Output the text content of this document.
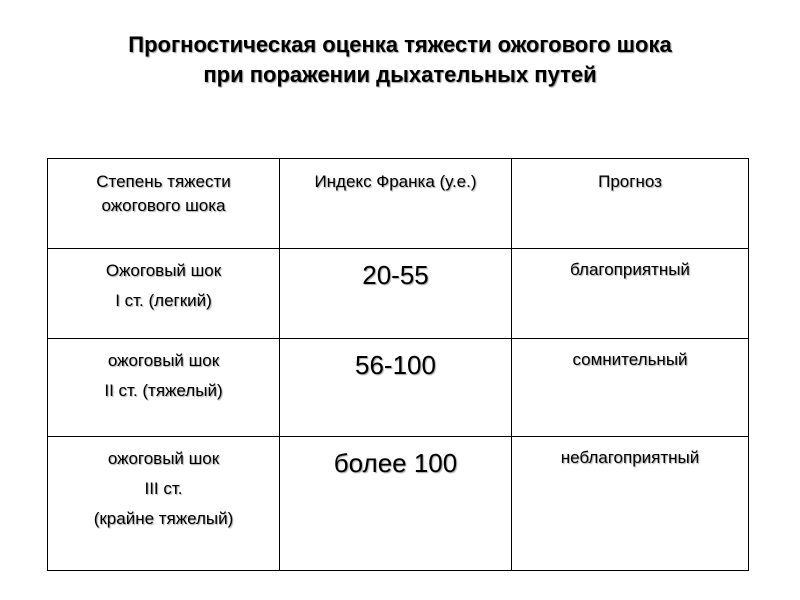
Прогностическая оценка тяжести ожогового шока
при поражении дыхательных путей
Степень тяжести ожогового шока	Индекс Франка (у.е.)	Прогноз

Ожоговый шок
I ст. (легкий)	20-55	благоприятный

ожоговый шок
II ст. (тяжелый)	56-100	сомнительный

ожоговый шок
III ст.
(крайне тяжелый)	более 100	неблагоприятный
